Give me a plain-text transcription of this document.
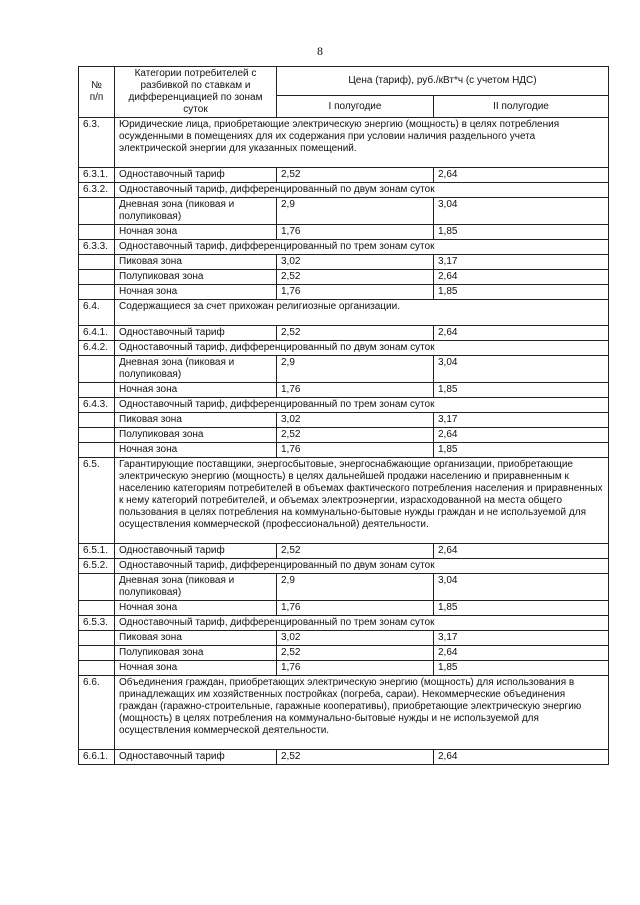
8
№
п/п	Категории потребителей с разбивкой по ставкам и дифференциацией по зонам суток	Цена (тариф), руб./кВт*ч (с учетом НДС)	
		I полугодие	II полугодие
6.3.	Юридические лица, приобретающие электрическую энергию (мощность) в целях потребления осужденными в помещениях для их содержания при условии наличия раздельного учета электрической энергии для указанных помещений.		
6.3.1.	Одноставочный тариф	2,52	2,64
6.3.2.	Одноставочный тариф, дифференцированный по двум зонам суток		
	Дневная зона (пиковая и полупиковая)	2,9	3,04
	Ночная зона	1,76	1,85
6.3.3.	Одноставочный тариф, дифференцированный по трем зонам суток		
	Пиковая зона	3,02	3,17
	Полупиковая зона	2,52	2,64
	Ночная зона	1,76	1,85
6.4.	Содержащиеся за счет прихожан религиозные организации.		
6.4.1.	Одноставочный тариф	2,52	2,64
6.4.2.	Одноставочный тариф, дифференцированный по двум зонам суток		
	Дневная зона (пиковая и полупиковая)	2,9	3,04
	Ночная зона	1,76	1,85
6.4.3.	Одноставочный тариф, дифференцированный по трем зонам суток		
	Пиковая зона	3,02	3,17
	Полупиковая зона	2,52	2,64
	Ночная зона	1,76	1,85
6.5.	Гарантирующие поставщики, энергосбытовые, энергоснабжающие организации, приобретающие электрическую энергию (мощность) в целях дальнейшей продажи населению и приравненным к населению категориям потребителей в объемах фактического потребления населения и приравненных к нему категорий потребителей, и объемах электроэнергии, израсходованной на места общего пользования в целях потребления на коммунально-бытовые нужды граждан и не используемой для осуществления коммерческой (профессиональной) деятельности.		
6.5.1.	Одноставочный тариф	2,52	2,64
6.5.2.	Одноставочный тариф, дифференцированный по двум зонам суток		
	Дневная зона (пиковая и полупиковая)	2,9	3,04
	Ночная зона	1,76	1,85
6.5.3.	Одноставочный тариф, дифференцированный по трем зонам суток		
	Пиковая зона	3,02	3,17
	Полупиковая зона	2,52	2,64
	Ночная зона	1,76	1,85
6.6.	Объединения граждан, приобретающих электрическую энергию (мощность) для использования в принадлежащих им хозяйственных постройках (погреба, сараи). Некоммерческие объединения граждан (гаражно-строительные, гаражные кооперативы), приобретающие электрическую энергию (мощность) в целях потребления на коммунально-бытовые нужды и не используемой для осуществления коммерческой деятельности.		
6.6.1.	Одноставочный тариф	2,52	2,64
